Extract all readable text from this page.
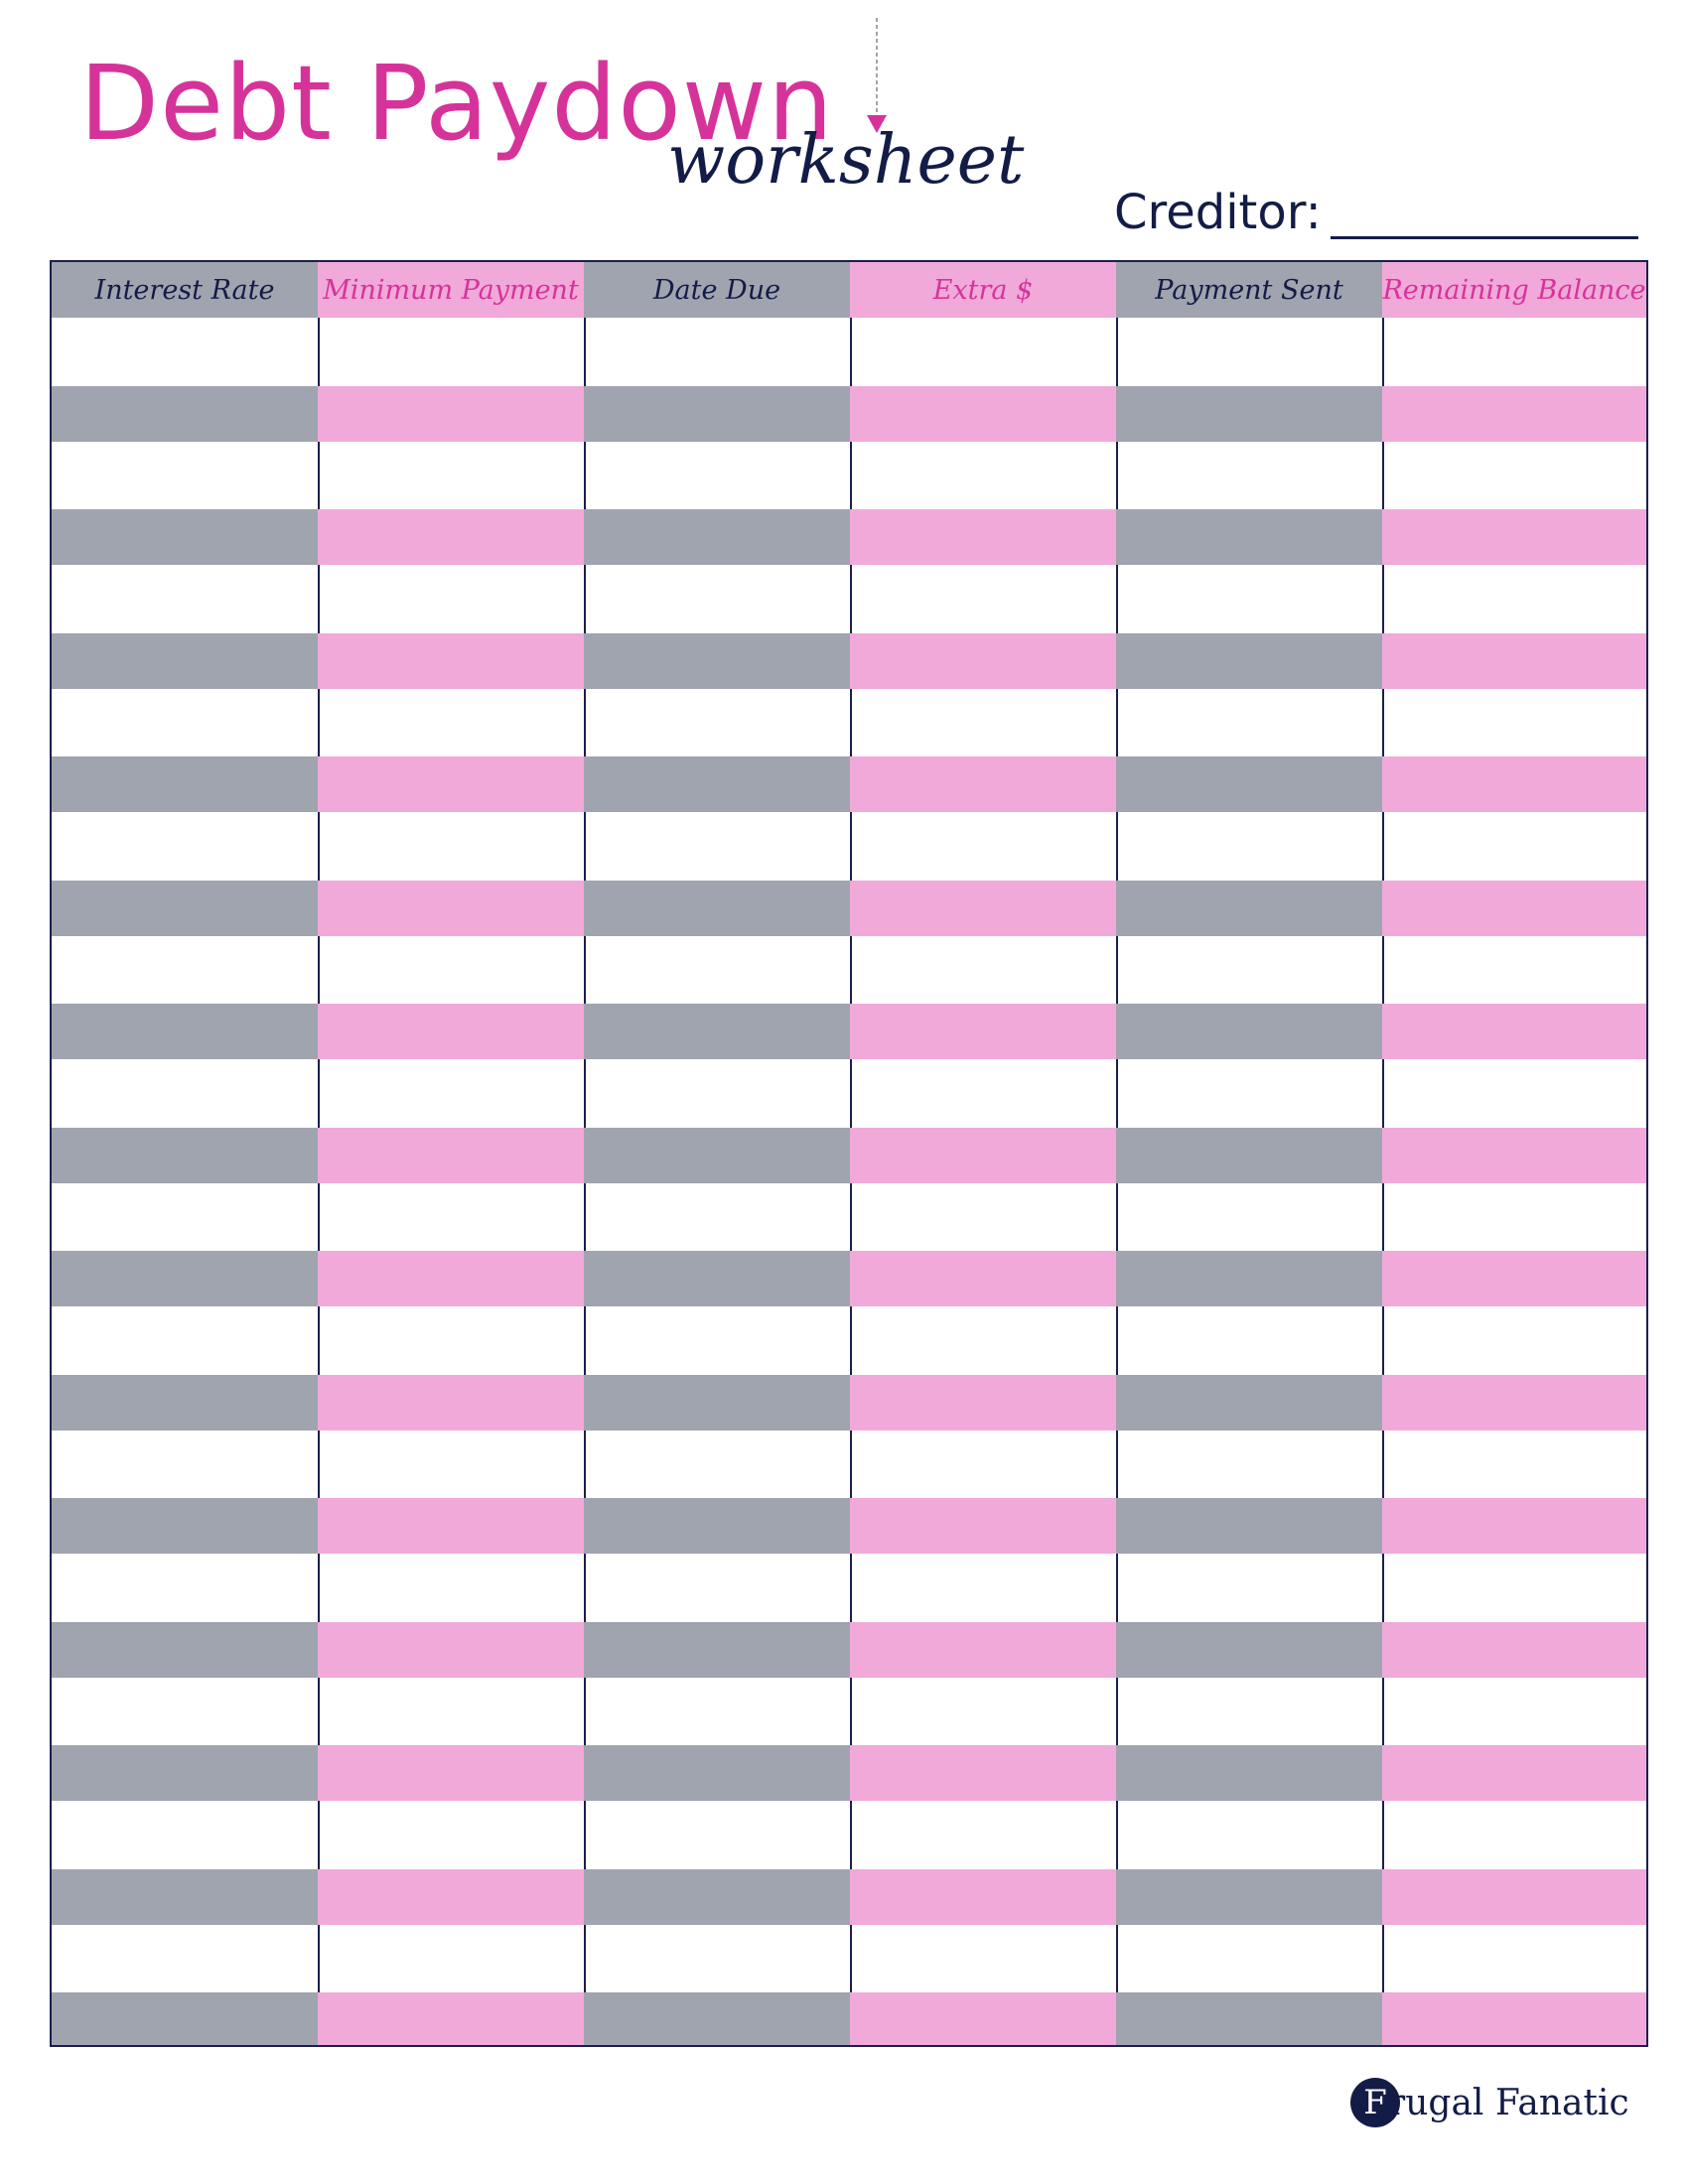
Debt Paydown
worksheet
Creditor:
Interest Rate	Minimum Payment	Date Due	Extra $	Payment Sent	Remaining Balance
F rugal Fanatic
